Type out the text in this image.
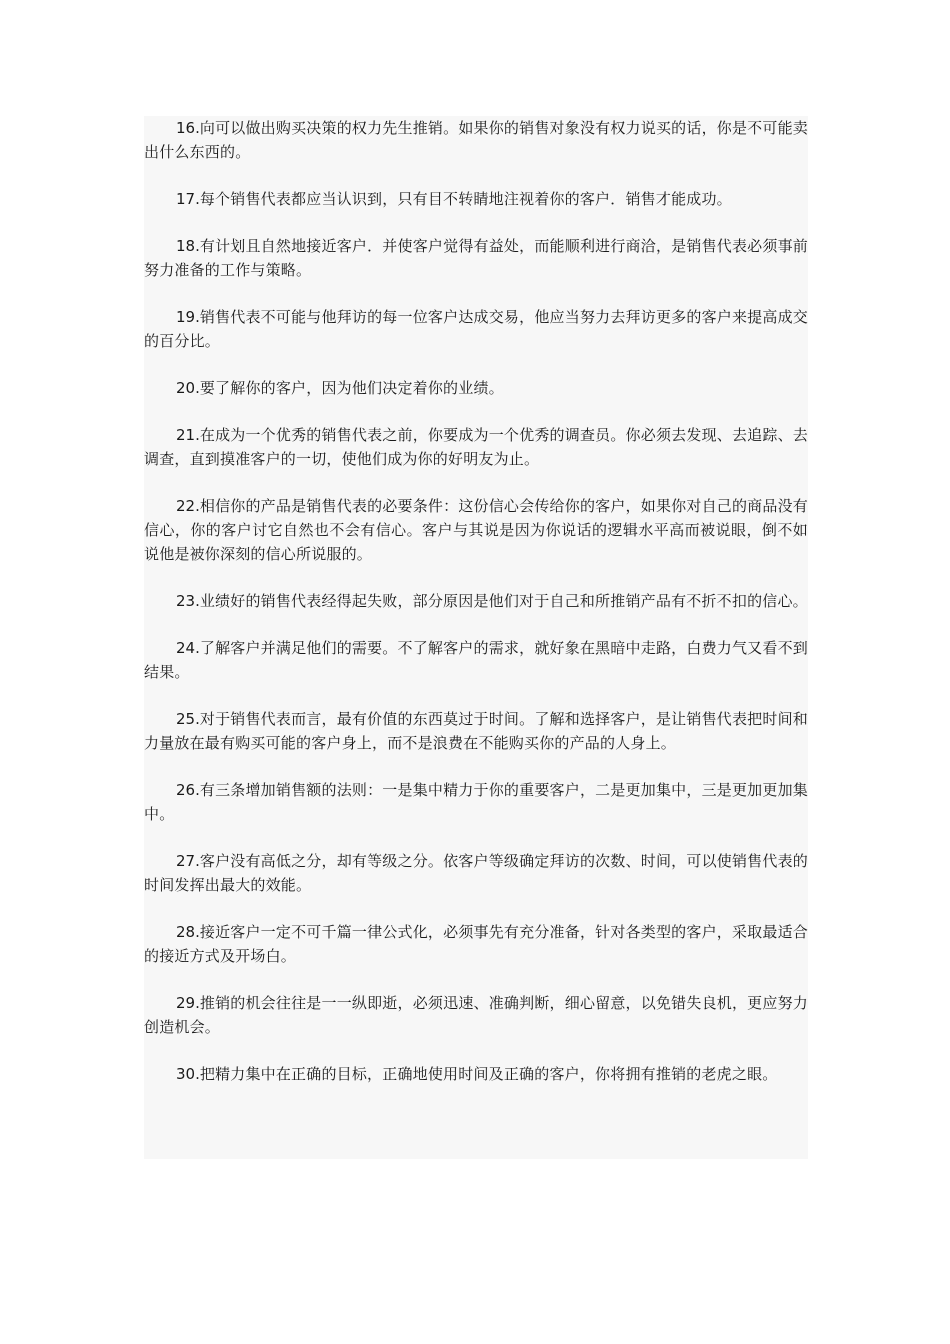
16.向可以做出购买决策的权力先生推销。如果你的销售对象没有权力说买的话，你是不可能卖出什么东西的。

17.每个销售代表都应当认识到，只有目不转睛地注视着你的客户．销售才能成功。

18.有计划且自然地接近客户．并使客户觉得有益处，而能顺利进行商洽，是销售代表必须事前努力准备的工作与策略。

19.销售代表不可能与他拜访的每一位客户达成交易，他应当努力去拜访更多的客户来提高成交的百分比。

20.要了解你的客户，因为他们决定着你的业绩。

21.在成为一个优秀的销售代表之前，你要成为一个优秀的调查员。你必须去发现、去追踪、去调查，直到摸准客户的一切，使他们成为你的好明友为止。

22.相信你的产品是销售代表的必要条件：这份信心会传给你的客户，如果你对自己的商品没有信心，你的客户讨它自然也不会有信心。客户与其说是因为你说话的逻辑水平高而被说眼，倒不如说他是被你深刻的信心所说服的。

23.业绩好的销售代表经得起失败，部分原因是他们对于自己和所推销产品有不折不扣的信心。

24.了解客户并满足他们的需要。不了解客户的需求，就好象在黑暗中走路，白费力气又看不到结果。

25.对于销售代表而言，最有价值的东西莫过于时间。了解和选择客户，是让销售代表把时间和力量放在最有购买可能的客户身上，而不是浪费在不能购买你的产品的人身上。

26.有三条增加销售额的法则：一是集中精力于你的重要客户，二是更加集中，三是更加更加集中。

27.客户没有高低之分，却有等级之分。依客户等级确定拜访的次数、时间，可以使销售代表的时间发挥出最大的效能。

28.接近客户一定不可千篇一律公式化，必须事先有充分准备，针对各类型的客户，采取最适合的接近方式及开场白。

29.推销的机会往往是一一纵即逝，必须迅速、准确判断，细心留意，以免错失良机，更应努力创造机会。

30.把精力集中在正确的目标，正确地使用时间及正确的客户，你将拥有推销的老虎之眼。
